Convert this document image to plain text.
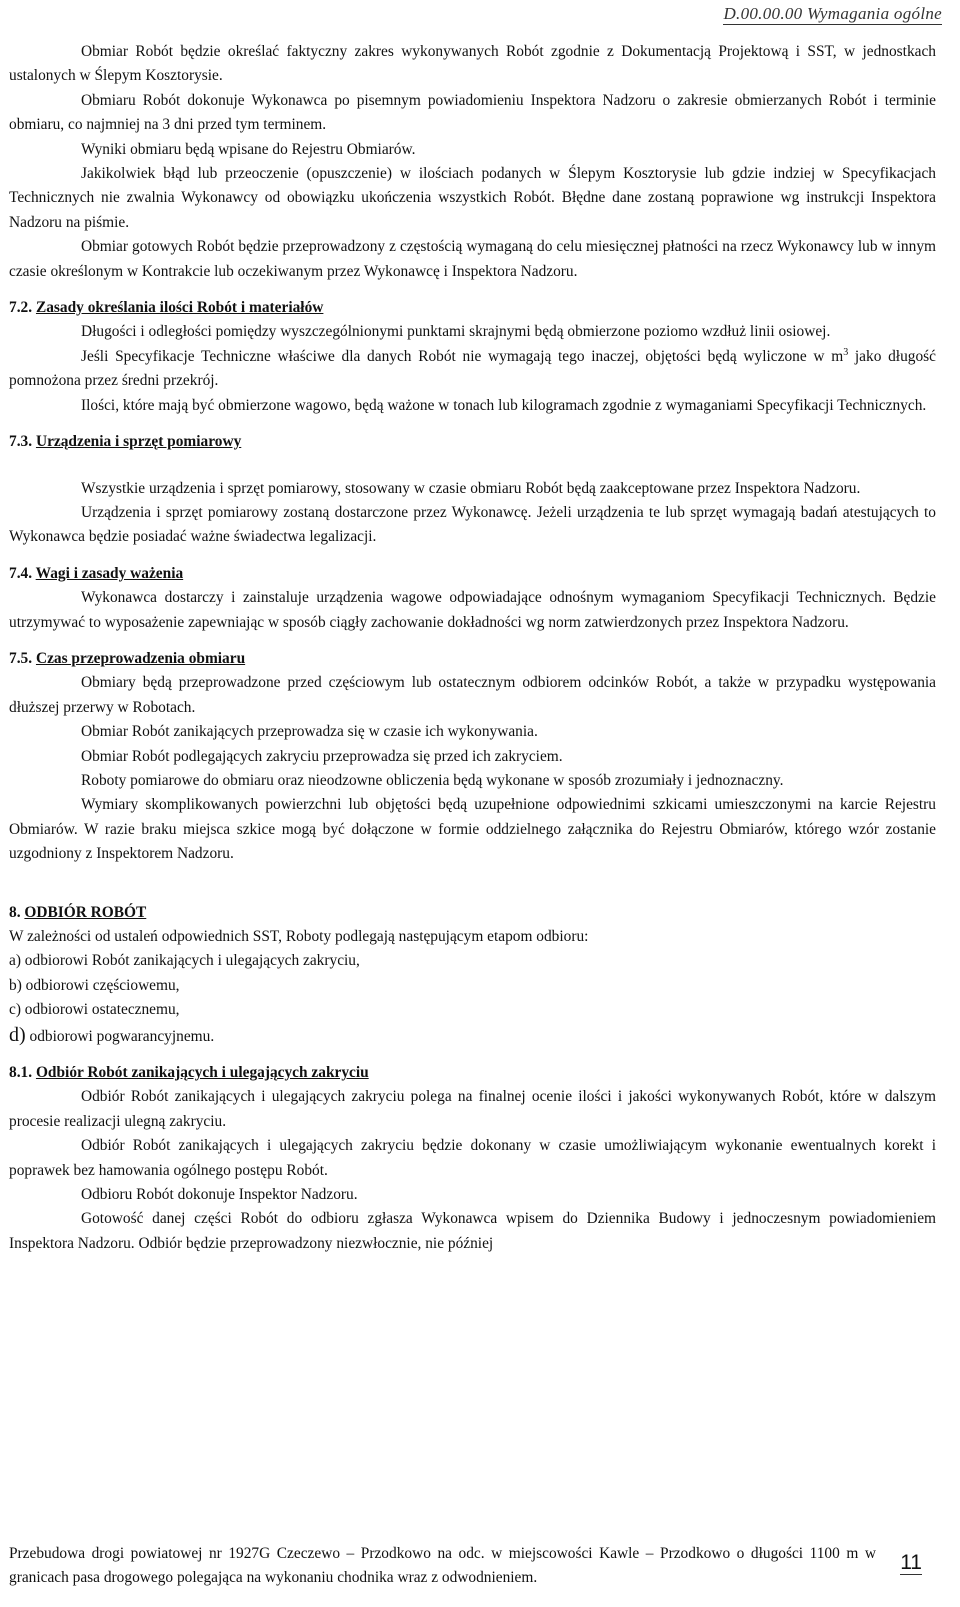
D.00.00.00 Wymagania ogólne

Obmiar Robót będzie określać faktyczny zakres wykonywanych Robót zgodnie z Dokumentacją Projektową i SST, w jednostkach ustalonych w Ślepym Kosztorysie.

Obmiaru Robót dokonuje Wykonawca po pisemnym powiadomieniu Inspektora Nadzoru o zakresie obmierzanych Robót i terminie obmiaru, co najmniej na 3 dni przed tym terminem.

Wyniki obmiaru będą wpisane do Rejestru Obmiarów.

Jakikolwiek błąd lub przeoczenie (opuszczenie) w ilościach podanych w Ślepym Kosztorysie lub gdzie indziej w Specyfikacjach Technicznych nie zwalnia Wykonawcy od obowiązku ukończenia wszystkich Robót. Błędne dane zostaną poprawione wg instrukcji Inspektora Nadzoru na piśmie.

Obmiar gotowych Robót będzie przeprowadzony z częstością wymaganą do celu miesięcznej płatności na rzecz Wykonawcy lub w innym czasie określonym w Kontrakcie lub oczekiwanym przez Wykonawcę i Inspektora Nadzoru.

7.2. Zasady określania ilości Robót i materiałów

Długości i odległości pomiędzy wyszczególnionymi punktami skrajnymi będą obmierzone poziomo wzdłuż linii osiowej.

Jeśli Specyfikacje Techniczne właściwe dla danych Robót nie wymagają tego inaczej, objętości będą wyliczone w $m^3$ jako długość pomnożona przez średni przekrój.

Ilości, które mają być obmierzone wagowo, będą ważone w tonach lub kilogramach zgodnie z wymaganiami Specyfikacji Technicznych.

7.3. Urządzenia i sprzęt pomiarowy

Wszystkie urządzenia i sprzęt pomiarowy, stosowany w czasie obmiaru Robót będą zaakceptowane przez Inspektora Nadzoru.

Urządzenia i sprzęt pomiarowy zostaną dostarczone przez Wykonawcę. Jeżeli urządzenia te lub sprzęt wymagają badań atestujących to Wykonawca będzie posiadać ważne świadectwa legalizacji.

7.4. Wagi i zasady ważenia

Wykonawca dostarczy i zainstaluje urządzenia wagowe odpowiadające odnośnym wymaganiom Specyfikacji Technicznych. Będzie utrzymywać to wyposażenie zapewniając w sposób ciągły zachowanie dokładności wg norm zatwierdzonych przez Inspektora Nadzoru.

7.5. Czas przeprowadzenia obmiaru

Obmiary będą przeprowadzone przed częściowym lub ostatecznym odbiorem odcinków Robót, a także w przypadku występowania dłuższej przerwy w Robotach.

Obmiar Robót zanikających przeprowadza się w czasie ich wykonywania.

Obmiar Robót podlegających zakryciu przeprowadza się przed ich zakryciem.

Roboty pomiarowe do obmiaru oraz nieodzowne obliczenia będą wykonane w sposób zrozumiały i jednoznaczny.

Wymiary skomplikowanych powierzchni lub objętości będą uzupełnione odpowiednimi szkicami umieszczonymi na karcie Rejestru Obmiarów. W razie braku miejsca szkice mogą być dołączone w formie oddzielnego załącznika do Rejestru Obmiarów, którego wzór zostanie uzgodniony z Inspektorem Nadzoru.

8. ODBIÓR ROBÓT

W zależności od ustaleń odpowiednich SST, Roboty podlegają następującym etapom odbioru:

a) odbiorowi Robót zanikających i ulegających zakryciu,
b) odbiorowi częściowemu,
c) odbiorowi ostatecznemu,
d) odbiorowi pogwarancyjnemu.
8.1. Odbiór Robót zanikających i ulegających zakryciu

Odbiór Robót zanikających i ulegających zakryciu polega na finalnej ocenie ilości i jakości wykonywanych Robót, które w dalszym procesie realizacji ulegną zakryciu.

Odbiór Robót zanikających i ulegających zakryciu będzie dokonany w czasie umożliwiającym wykonanie ewentualnych korekt i poprawek bez hamowania ogólnego postępu Robót.

Odbioru Robót dokonuje Inspektor Nadzoru.

Gotowość danej części Robót do odbioru zgłasza Wykonawca wpisem do Dziennika Budowy i jednoczesnym powiadomieniem Inspektora Nadzoru. Odbiór będzie przeprowadzony niezwłocznie, nie później

Przebudowa drogi powiatowej nr 1927G Czeczewo – Przodkowo na odc. w miejscowości Kawle – Przodkowo o długości 1100 m w granicach pasa drogowego polegająca na wykonaniu chodnika wraz z odwodnieniem.
11
